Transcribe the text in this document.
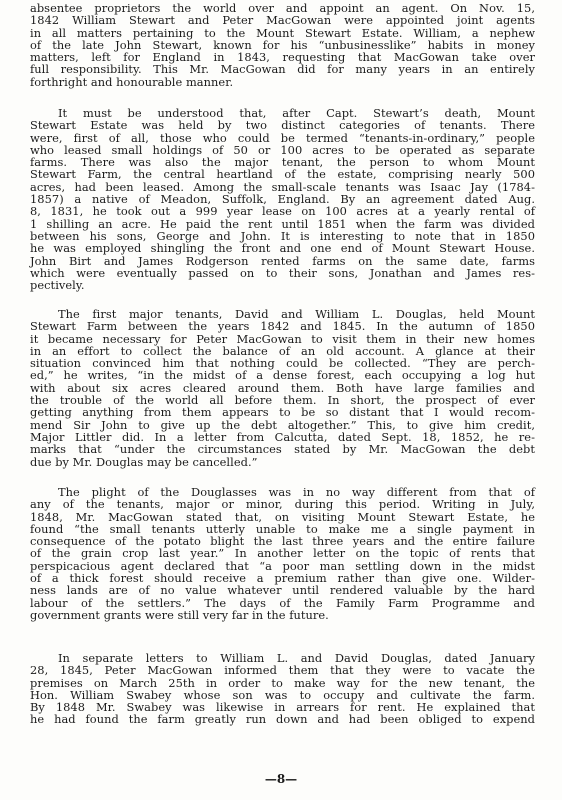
absentee proprietors the world over and appoint an agent. On Nov. 15,
1842 William Stewart and Peter MacGowan were appointed joint agents
in all matters pertaining to the Mount Stewart Estate. William, a nephew
of the late John Stewart, known for his “unbusinesslike” habits in money
matters, left for England in 1843, requesting that MacGowan take over
full responsibility. This Mr. MacGowan did for many years in an entirely
forthright and honourable manner.

It must be understood that, after Capt. Stewart’s death, Mount
Stewart Estate was held by two distinct categories of tenants. There
were, first of all, those who could be termed “tenants-in-ordinary,” people
who leased small holdings of 50 or 100 acres to be operated as separate
farms. There was also the major tenant, the person to whom Mount
Stewart Farm, the central heartland of the estate, comprising nearly 500
acres, had been leased. Among the small-scale tenants was Isaac Jay (1784-
1857) a native of Meadon, Suffolk, England. By an agreement dated Aug.
8, 1831, he took out a 999 year lease on 100 acres at a yearly rental of
1 shilling an acre. He paid the rent until 1851 when the farm was divided
between his sons, George and John. It is interesting to note that in 1850
he was employed shingling the front and one end of Mount Stewart House.
John Birt and James Rodgerson rented farms on the same date, farms
which were eventually passed on to their sons, Jonathan and James res-
pectively.

The first major tenants, David and William L. Douglas, held Mount
Stewart Farm between the years 1842 and 1845. In the autumn of 1850
it became necessary for Peter MacGowan to visit them in their new homes
in an effort to collect the balance of an old account. A glance at their
situation convinced him that nothing could be collected. “They are perch-
ed,” he writes, “in the midst of a dense forest, each occupying a log hut
with about six acres cleared around them. Both have large families and
the trouble of the world all before them. In short, the prospect of ever
getting anything from them appears to be so distant that I would recom-
mend Sir John to give up the debt altogether.” This, to give him credit,
Major Littler did. In a letter from Calcutta, dated Sept. 18, 1852, he re-
marks that “under the circumstances stated by Mr. MacGowan the debt
due by Mr. Douglas may be cancelled.”

The plight of the Douglasses was in no way different from that of
any of the tenants, major or minor, during this period. Writing in July,
1848, Mr. MacGowan stated that, on visiting Mount Stewart Estate, he
found “the small tenants utterly unable to make me a single payment in
consequence of the potato blight the last three years and the entire failure
of the grain crop last year.” In another letter on the topic of rents that
perspicacious agent declared that “a poor man settling down in the midst
of a thick forest should receive a premium rather than give one. Wilder-
ness lands are of no value whatever until rendered valuable by the hard
labour of the settlers.” The days of the Family Farm Programme and
government grants were still very far in the future.

In separate letters to William L. and David Douglas, dated January
28, 1845, Peter MacGowan informed them that they were to vacate the
premises on March 25th in order to make way for the new tenant, the
Hon. William Swabey whose son was to occupy and cultivate the farm.
By 1848 Mr. Swabey was likewise in arrears for rent. He explained that
he had found the farm greatly run down and had been obliged to expend

—8—
